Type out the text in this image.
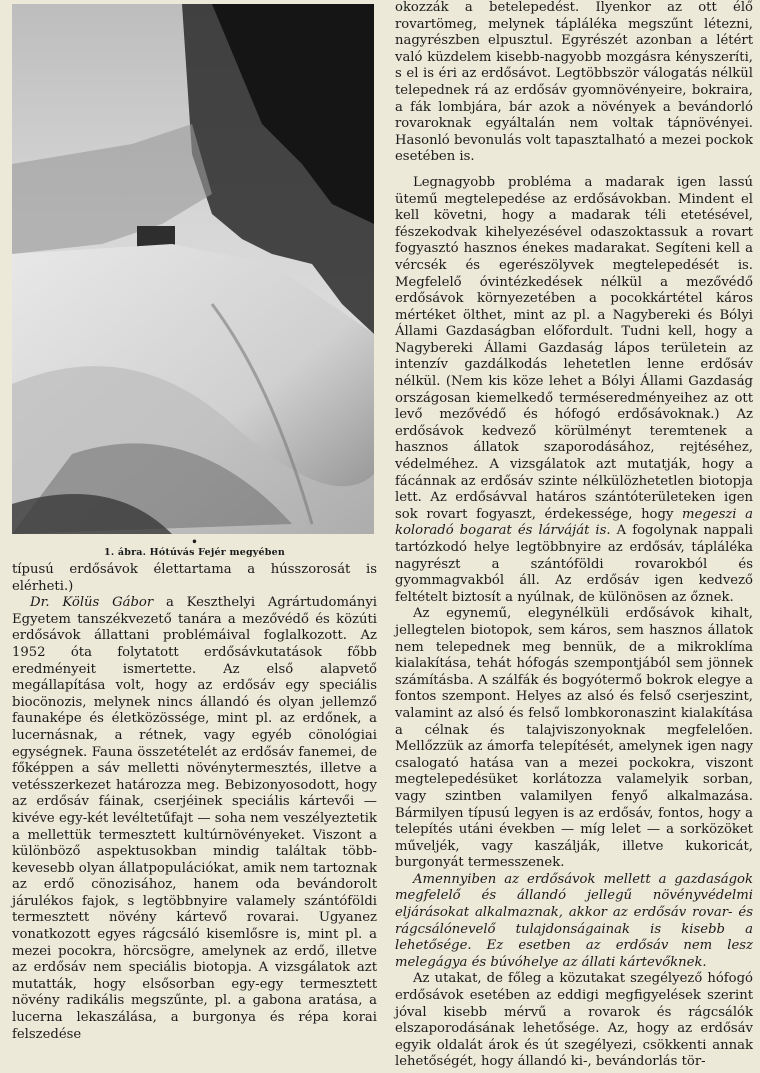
•
1. ábra. Hótúvás Fejér megyében

típusú erdősávok élettartama a hússzorosát is elérheti.)

Dr. Kölüs Gábor a Keszthelyi Agrártudományi Egyetem tanszékvezető tanára a mezővédő és közúti erdősávok állattani problémáival foglalkozott. Az 1952 óta folytatott erdősávkutatások főbb eredményeit ismertette. Az első alapvető megállapítása volt, hogy az erdősáv egy speciális biocönozis, melynek nincs állandó és olyan jellemző faunaképe és életközössége, mint pl. az erdőnek, a lucernásnak, a rétnek, vagy egyéb cönológiai egységnek. Fauna összetételét az erdősáv fanemei, de főképpen a sáv melletti növénytermesztés, illetve a vetésszerkezet határozza meg. Bebizonyosodott, hogy az erdősáv fáinak, cserjéinek speciális kártevői — kivéve egy-két levéltetűfajt — soha nem veszélyeztetik a mellettük termesztett kultúrnövényeket. Viszont a különböző aspektusokban mindig találtak több-kevesebb olyan állatpopulációkat, amik nem tartoznak az erdő cönozisához, hanem oda bevándorolt járulékos fajok, s legtöbbnyire valamely szántóföldi termesztett növény kártevő rovarai. Ugyanez vonatkozott egyes rágcsáló kisemlősre is, mint pl. a mezei pocokra, hörcsögre, amelynek az erdő, illetve az erdősáv nem speciális biotopja. A vizsgálatok azt mutatták, hogy elsősorban egy-egy termesztett növény radikális megszűnte, pl. a gabona aratása, a lucerna lekaszálása, a burgonya és répa korai felszedése

okozzák a betelepedést. Ilyenkor az ott élő rovartömeg, melynek tápláléka megszűnt létezni, nagyrészben elpusztul. Egyrészét azonban a létért való küzdelem kisebb-nagyobb mozgásra kényszeríti, s el is éri az erdősávot. Legtöbbször válogatás nélkül telepednek rá az erdősáv gyomnövényeire, bokraira, a fák lombjára, bár azok a növények a bevándorló rovaroknak egyáltalán nem voltak tápnövényei. Hasonló bevonulás volt tapasztalható a mezei pockok esetében is.

Legnagyobb probléma a madarak igen lassú ütemű megtelepedése az erdősávokban. Mindent el kell követni, hogy a madarak téli etetésével, fészekodvak kihelyezésével odaszoktassuk a rovart fogyasztó hasznos énekes madarakat. Segíteni kell a vércsék és egerészölyvek megtelepedését is. Megfelelő óvintézkedések nélkül a mezővédő erdősávok környezetében a pocokkártétel káros mértéket ölthet, mint az pl. a Nagybereki és Bólyi Állami Gazdaságban előfordult. Tudni kell, hogy a Nagybereki Állami Gazdaság lápos területein az intenzív gazdálkodás lehetetlen lenne erdősáv nélkül. (Nem kis köze lehet a Bólyi Állami Gazdaság országosan kiemelkedő terméseredményeihez az ott levő mezővédő és hófogó erdősávoknak.) Az erdősávok kedvező körülményt teremtenek a hasznos állatok szaporodásához, rejtéséhez, védelméhez. A vizsgálatok azt mutatják, hogy a fácánnak az erdősáv szinte nélkülözhetetlen biotopja lett. Az erdősávval határos szántóterületeken igen sok rovart fogyaszt, érdekessége, hogy megeszi a koloradó bogarat és lárváját is. A fogolynak nappali tartózkodó helye legtöbbnyire az erdősáv, tápláléka nagyrészt a szántóföldi rovarokból és gyommagvakból áll. Az erdősáv igen kedvező feltételt biztosít a nyúlnak, de különösen az őznek.

Az egynemű, elegynélküli erdősávok kihalt, jellegtelen biotopok, sem káros, sem hasznos állatok nem telepednek meg bennük, de a mikroklíma kialakítása, tehát hófogás szempontjából sem jönnek számításba. A szálfák és bogyótermő bokrok elegye a fontos szempont. Helyes az alsó és felső cserjeszint, valamint az alsó és felső lombkoronaszint kialakítása a célnak és talajviszonyoknak megfelelően. Mellőzzük az ámorfa telepítését, amelynek igen nagy csalogató hatása van a mezei pockokra, viszont megtelepedésüket korlátozza valamelyik sorban, vagy szintben valamilyen fenyő alkalmazása. Bármilyen típusú legyen is az erdősáv, fontos, hogy a telepítés utáni években — míg lelet — a sorközöket műveljék, vagy kaszálják, illetve kukoricát, burgonyát termesszenek.

Amennyiben az erdősávok mellett a gazdaságok megfelelő és állandó jellegű növényvédelmi eljárásokat alkalmaznak, akkor az erdősáv rovar- és rágcsálónevelő tulajdonságainak is kisebb a lehetősége. Ez esetben az erdősáv nem lesz melegágya és búvóhelye az állati kártevőknek.

Az utakat, de főleg a közutakat szegélyező hófogó erdősávok esetében az eddigi megfigyelések szerint jóval kisebb mérvű a rovarok és rágcsálók elszaporodásának lehetősége. Az, hogy az erdősáv egyik oldalát árok és út szegélyezi, csökkenti annak lehetőségét, hogy állandó ki-, bevándorlás tör-
